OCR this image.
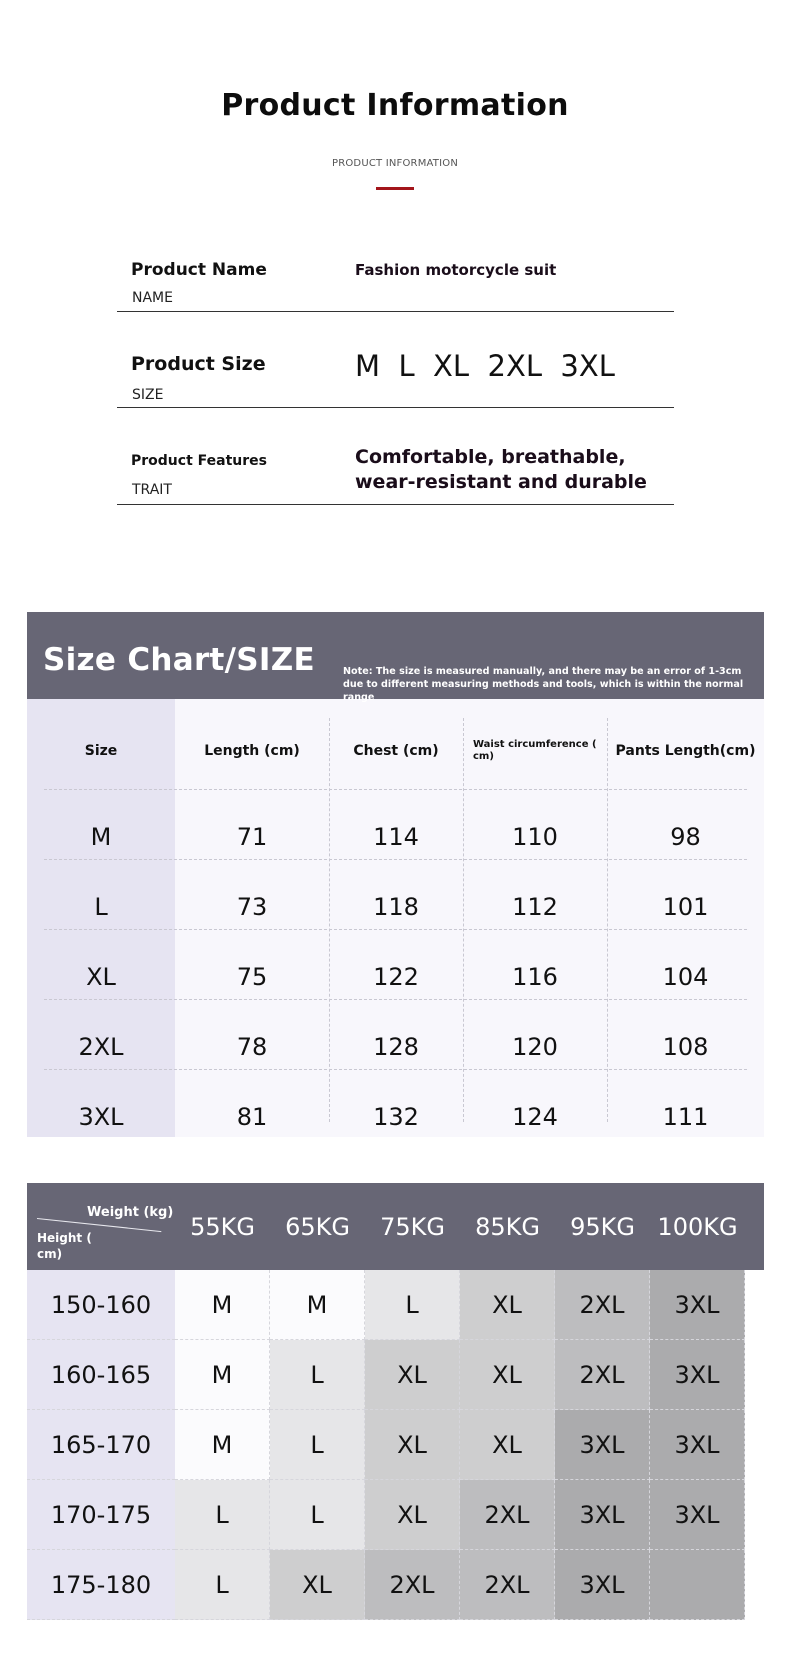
Product Information
PRODUCT INFORMATION
Product Name
NAME
Fashion motorcycle suit
Product Size
SIZE
M  L  XL  2XL  3XL
Product Features
TRAIT
Comfortable, breathable, wear-resistant and durable
Size Chart/SIZE	Note: The size is measured manually, and there may be an error of 1-3cm due to different measuring methods and tools, which is within the normal range
Size	Length (cm)	Chest (cm)	Waist circumference ( cm)	Pants Length(cm)
M	71	114	110	98
L	73	118	112	101
XL	75	122	116	104
2XL	78	128	120	108
3XL	81	132	124	111
Weight (kg)
Height ( cm)
55KG	65KG	75KG	85KG	95KG 100KG
150-160	M	M	L	XL	2XL	3XL
160-165	M	L	XL	XL	2XL	3XL
165-170	M	L	XL	XL	3XL	3XL
170-175	L	L	XL	2XL	3XL	3XL
175-180	L	XL	2XL	2XL	3XL
